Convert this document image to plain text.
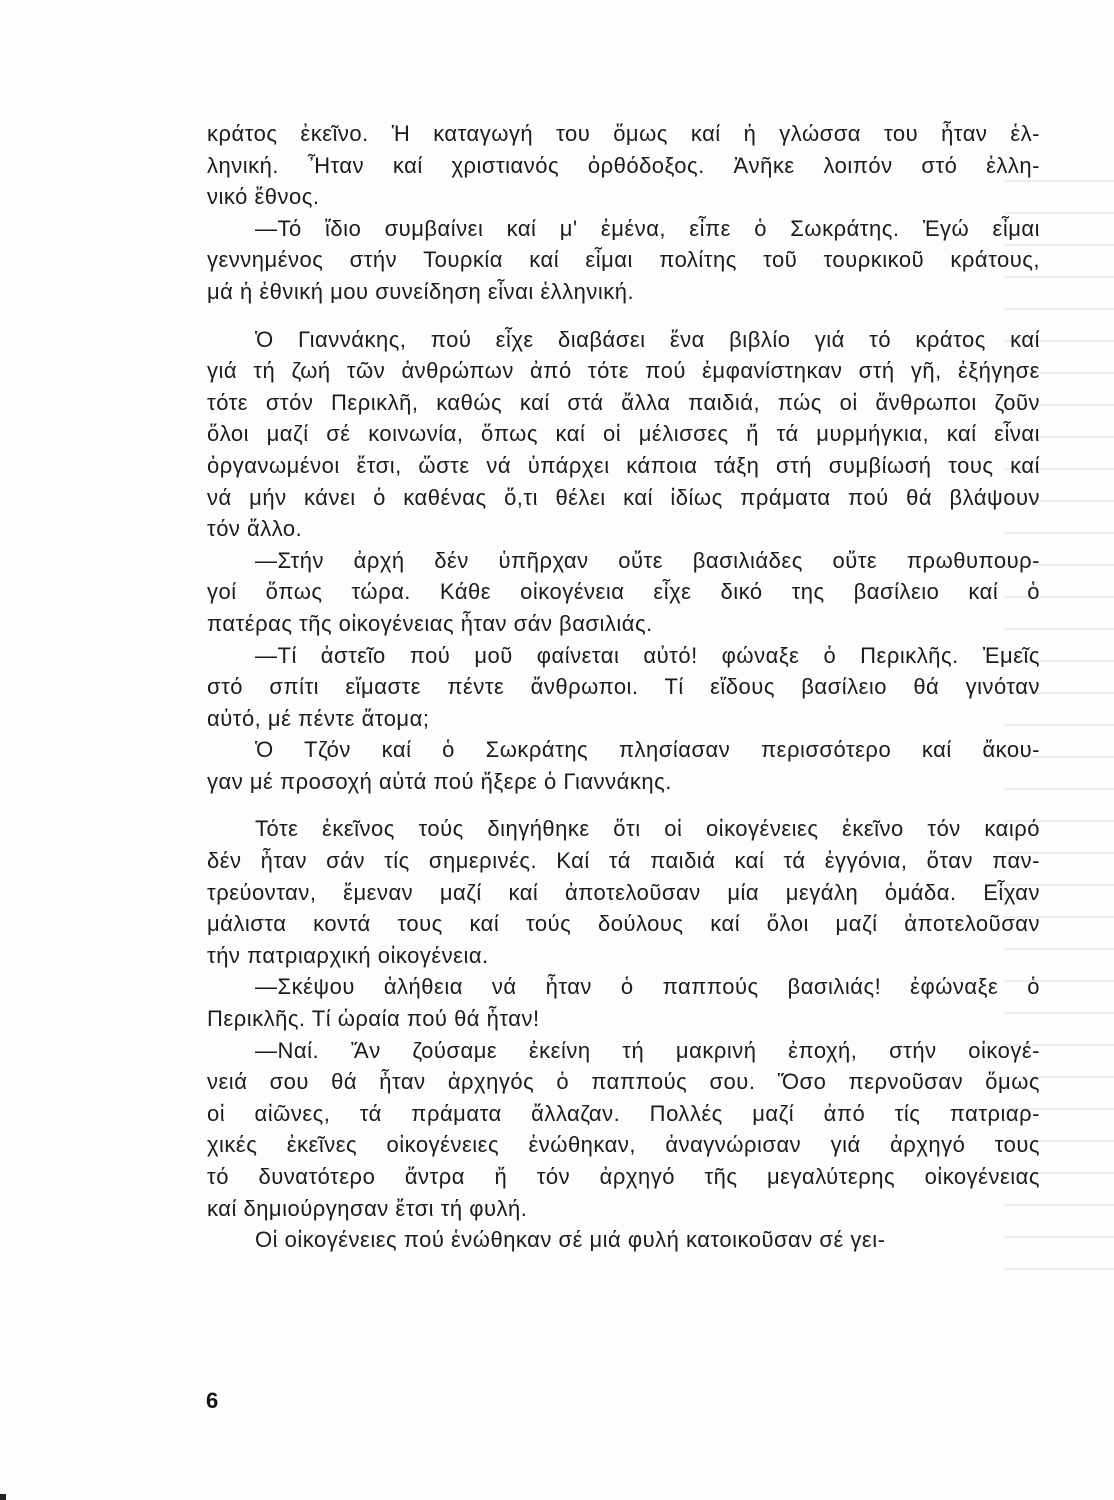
κράτος ἐκεῖνο. Ἡ καταγωγή του ὅμως καί ἡ γλώσσα του ἦταν ἑλ-
ληνική. Ἦταν καί χριστιανός ὀρθόδοξος. Ἀνῆκε λοιπόν στό ἑλλη-
νικό ἔθνος.
—Τό ἴδιο συμβαίνει καί μ' ἐμένα, εἶπε ὁ Σωκράτης. Ἐγώ εἶμαι
γεννημένος στήν Τουρκία καί εἶμαι πολίτης τοῦ τουρκικοῦ κράτους,
μά ἡ ἐθνική μου συνείδηση εἶναι ἑλληνική.
Ὁ Γιαννάκης, πού εἶχε διαβάσει ἕνα βιβλίο γιά τό κράτος καί
γιά τή ζωή τῶν ἀνθρώπων ἀπό τότε πού ἐμφανίστηκαν στή γῆ, ἐξήγησε
τότε στόν Περικλῆ, καθώς καί στά ἄλλα παιδιά, πώς οἱ ἄνθρωποι ζοῦν
ὅλοι μαζί σέ κοινωνία, ὅπως καί οἱ μέλισσες ἤ τά μυρμήγκια, καί εἶναι
ὀργανωμένοι ἔτσι, ὥστε νά ὑπάρχει κάποια τάξη στή συμβίωσή τους καί
νά μήν κάνει ὁ καθένας ὅ,τι θέλει καί ἰδίως πράματα πού θά βλάψουν
τόν ἄλλο.
—Στήν ἀρχή δέν ὑπῆρχαν οὔτε βασιλιάδες οὔτε πρωθυπουρ-
γοί ὅπως τώρα. Κάθε οἰκογένεια εἶχε δικό της βασίλειο καί ὁ
πατέρας τῆς οἰκογένειας ἦταν σάν βασιλιάς.
—Τί ἀστεῖο πού μοῦ φαίνεται αὐτό! φώναξε ὁ Περικλῆς. Ἐμεῖς
στό σπίτι εἴμαστε πέντε ἄνθρωποι. Τί εἴδους βασίλειο θά γινόταν
αὐτό, μέ πέντε ἄτομα;
Ὁ Τζόν καί ὁ Σωκράτης πλησίασαν περισσότερο καί ἄκου-
γαν μέ προσοχή αὐτά πού ἤξερε ὁ Γιαννάκης.
Τότε ἐκεῖνος τούς διηγήθηκε ὅτι οἱ οἰκογένειες ἐκεῖνο τόν καιρό
δέν ἦταν σάν τίς σημερινές. Καί τά παιδιά καί τά ἐγγόνια, ὅταν παν-
τρεύονταν, ἔμεναν μαζί καί ἀποτελοῦσαν μία μεγάλη ὁμάδα. Εἶχαν
μάλιστα κοντά τους καί τούς δούλους καί ὅλοι μαζί ἀποτελοῦσαν
τήν πατριαρχική οἰκογένεια.
—Σκέψου ἀλήθεια νά ἦταν ὁ παππούς βασιλιάς! ἐφώναξε ὁ
Περικλῆς. Τί ὡραία πού θά ἦταν!
—Ναί. Ἄν ζούσαμε ἐκείνη τή μακρινή ἐποχή, στήν οἰκογέ-
νειά σου θά ἦταν ἀρχηγός ὁ παππούς σου. Ὅσο περνοῦσαν ὅμως
οἱ αἰῶνες, τά πράματα ἄλλαζαν. Πολλές μαζί ἀπό τίς πατριαρ-
χικές ἐκεῖνες οἰκογένειες ἑνώθηκαν, ἀναγνώρισαν γιά ἀρχηγό τους
τό δυνατότερο ἄντρα ἤ τόν ἀρχηγό τῆς μεγαλύτερης οἰκογένειας
καί δημιούργησαν ἔτσι τή φυλή.
Οἱ οἰκογένειες πού ἑνώθηκαν σέ μιά φυλή κατοικοῦσαν σέ γει-
6
